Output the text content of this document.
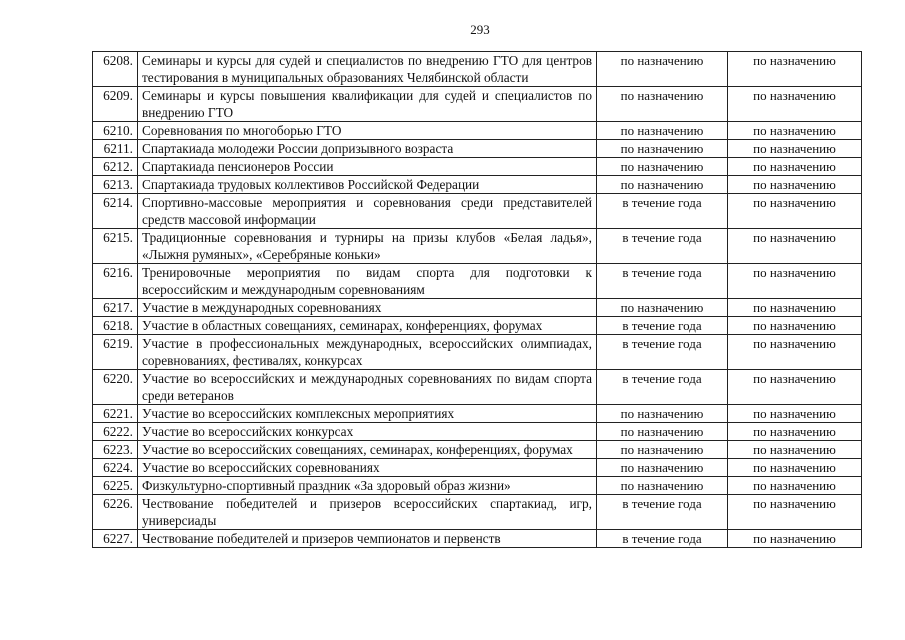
293
6208.	Семинары и курсы для судей и специалистов по внедрению ГТО для центров тестирования в муниципальных образованиях Челябинской области	по назначению	по назначению
6209.	Семинары и курсы повышения квалификации для судей и специалистов по внедрению ГТО	по назначению	по назначению
6210.	Соревнования по многоборью ГТО	по назначению	по назначению
6211.	Спартакиада молодежи России допризывного возраста	по назначению	по назначению
6212.	Спартакиада пенсионеров России	по назначению	по назначению
6213.	Спартакиада трудовых коллективов Российской Федерации	по назначению	по назначению
6214.	Спортивно-массовые мероприятия и соревнования среди представителей средств массовой информации	в течение года	по назначению
6215.	Традиционные соревнования и турниры на призы клубов «Белая ладья», «Лыжня румяных», «Серебряные коньки»	в течение года	по назначению
6216.	Тренировочные мероприятия по видам спорта для подготовки к всероссийским и международным соревнованиям	в течение года	по назначению
6217.	Участие в международных соревнованиях	по назначению	по назначению
6218.	Участие в областных совещаниях, семинарах, конференциях, форумах	в течение года	по назначению
6219.	Участие в профессиональных международных, всероссийских олимпиадах, соревнованиях, фестивалях, конкурсах	в течение года	по назначению
6220.	Участие во всероссийских и международных соревнованиях по видам спорта среди ветеранов	в течение года	по назначению
6221.	Участие во всероссийских комплексных мероприятиях	по назначению	по назначению
6222.	Участие во всероссийских конкурсах	по назначению	по назначению
6223.	Участие во всероссийских совещаниях, семинарах, конференциях, форумах	по назначению	по назначению
6224.	Участие во всероссийских соревнованиях	по назначению	по назначению
6225.	Физкультурно-спортивный праздник «За здоровый образ жизни»	по назначению	по назначению
6226.	Чествование победителей и призеров всероссийских спартакиад, игр, универсиады	в течение года	по назначению
6227.	Чествование победителей и призеров чемпионатов и первенств	в течение года	по назначению
